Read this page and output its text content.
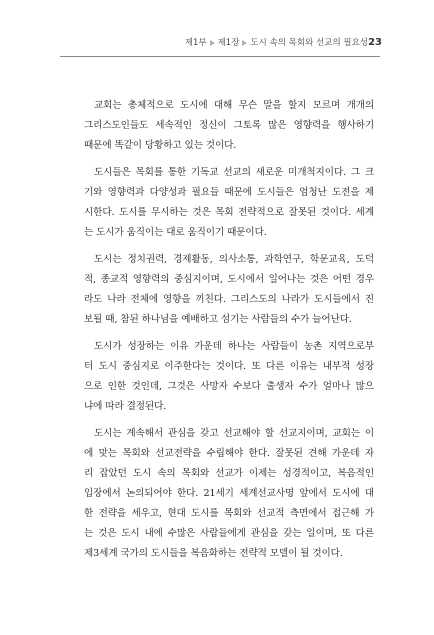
제1부 제1장 도시 속의 목회와 선교의 필요성 23
교회는 총체적으로 도시에 대해 무슨 말을 할지 모르며 개개의
그리스도인들도 세속적인 정신이 그토록 많은 영향력을 행사하기
때문에 똑같이 당황하고 있는 것이다.
도시들은 목회를 통한 기독교 선교의 새로운 미개척지이다. 그 크
기와 영향력과 다양성과 필요들 때문에 도시들은 엄청난 도전을 제
시한다. 도시를 무시하는 것은 목회 전략적으로 잘못된 것이다. 세계
는 도시가 움직이는 대로 움직이기 때문이다.
도시는 정치권력, 경제활동, 의사소통, 과학연구, 학문교육, 도덕
적, 종교적 영향력의 중심지이며, 도시에서 일어나는 것은 어떤 경우
라도 나라 전체에 영향을 끼친다. 그리스도의 나라가 도시들에서 진
보될 때, 참된 하나님을 예배하고 섬기는 사람들의 수가 늘어난다.
도시가 성장하는 이유 가운데 하나는 사람들이 농촌 지역으로부
터 도시 중심지로 이주한다는 것이다. 또 다른 이유는 내부적 성장
으로 인한 것인데, 그것은 사망자 수보다 출생자 수가 얼마나 많으
냐에 따라 결정된다.
도시는 계속해서 관심을 갖고 선교해야 할 선교지이며, 교회는 이
에 맞는 목회와 선교전략을 수립해야 한다. 잘못된 견해 가운데 자
리 잡았던 도시 속의 목회와 선교가 이제는 성경적이고, 복음적인
입장에서 논의되어야 한다. 21세기 세계선교사명 앞에서 도시에 대
한 전략을 세우고, 현대 도시를 목회와 선교적 측면에서 접근해 가
는 것은 도시 내에 수많은 사람들에게 관심을 갖는 일이며, 또 다른
제3세계 국가의 도시들을 복음화하는 전략적 모델이 될 것이다.
